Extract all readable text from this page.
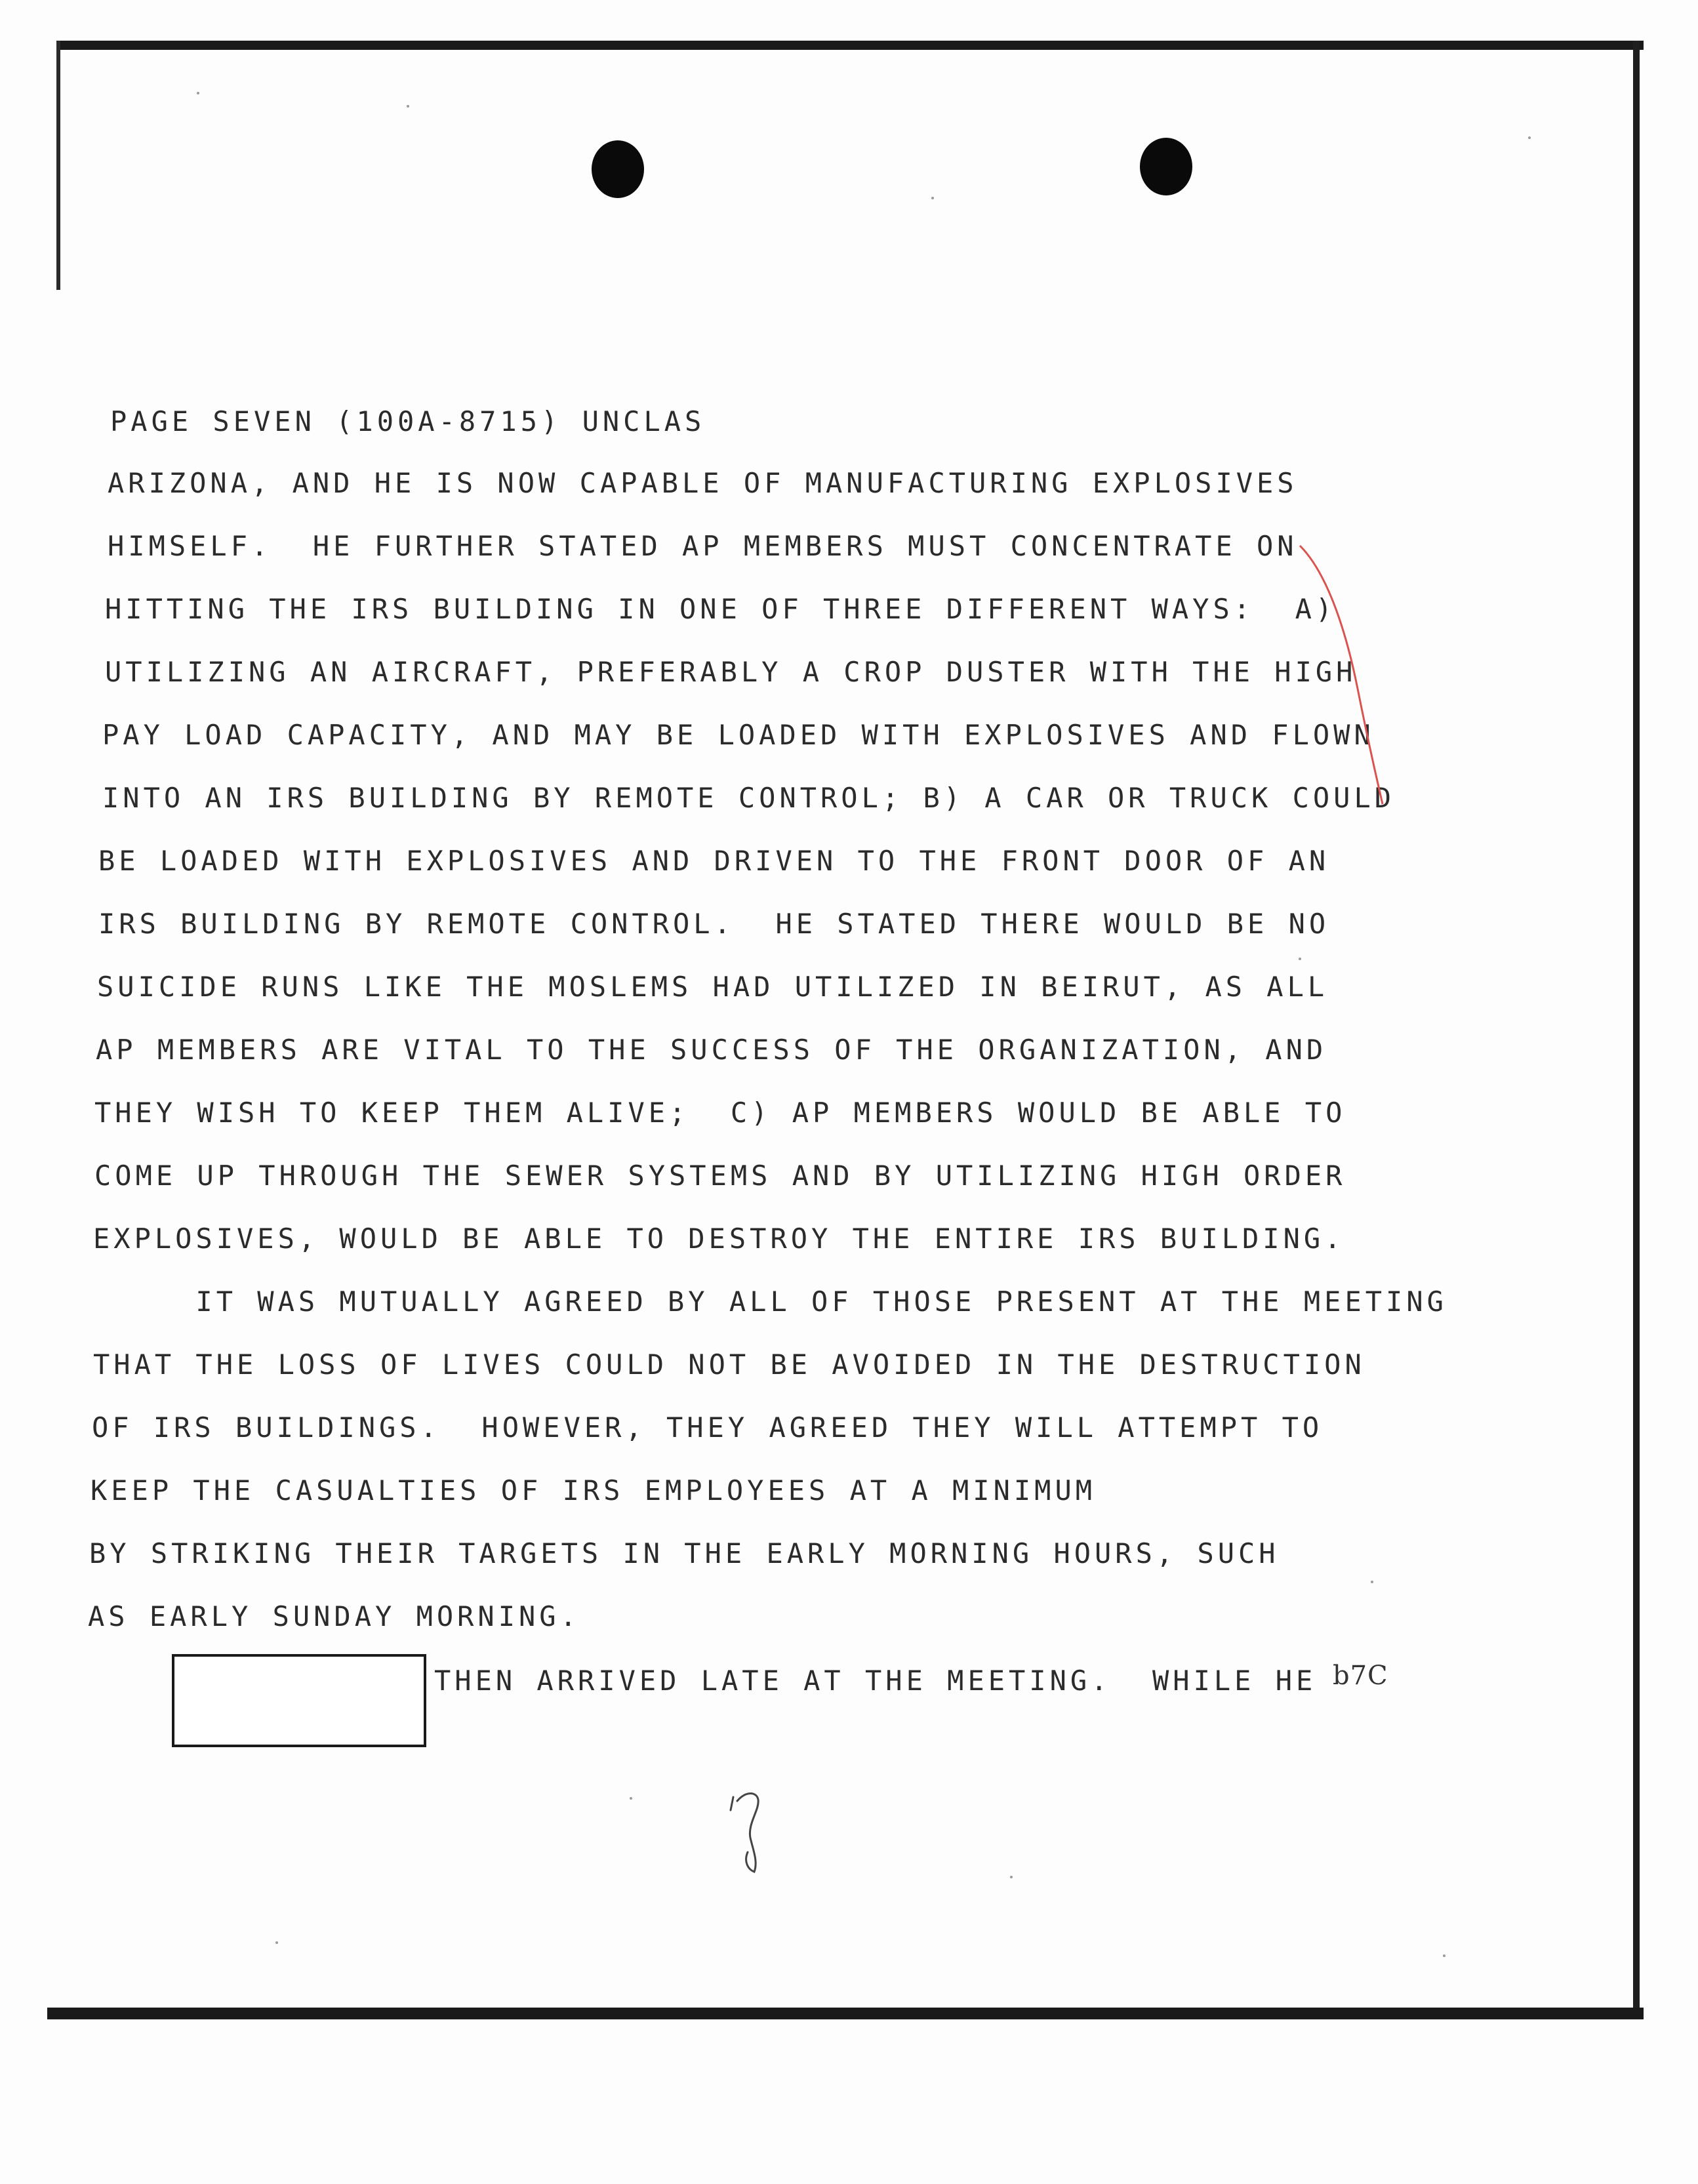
PAGE SEVEN (100A-8715) UNCLAS
ARIZONA, AND HE IS NOW CAPABLE OF MANUFACTURING EXPLOSIVES
HIMSELF.  HE FURTHER STATED AP MEMBERS MUST CONCENTRATE ON
HITTING THE IRS BUILDING IN ONE OF THREE DIFFERENT WAYS:  A)
UTILIZING AN AIRCRAFT, PREFERABLY A CROP DUSTER WITH THE HIGH
PAY LOAD CAPACITY, AND MAY BE LOADED WITH EXPLOSIVES AND FLOWN
INTO AN IRS BUILDING BY REMOTE CONTROL; B) A CAR OR TRUCK COULD
BE LOADED WITH EXPLOSIVES AND DRIVEN TO THE FRONT DOOR OF AN
IRS BUILDING BY REMOTE CONTROL.  HE STATED THERE WOULD BE NO
SUICIDE RUNS LIKE THE MOSLEMS HAD UTILIZED IN BEIRUT, AS ALL
AP MEMBERS ARE VITAL TO THE SUCCESS OF THE ORGANIZATION, AND
THEY WISH TO KEEP THEM ALIVE;  C) AP MEMBERS WOULD BE ABLE TO
COME UP THROUGH THE SEWER SYSTEMS AND BY UTILIZING HIGH ORDER
EXPLOSIVES, WOULD BE ABLE TO DESTROY THE ENTIRE IRS BUILDING.
IT WAS MUTUALLY AGREED BY ALL OF THOSE PRESENT AT THE MEETING
THAT THE LOSS OF LIVES COULD NOT BE AVOIDED IN THE DESTRUCTION
OF IRS BUILDINGS.  HOWEVER, THEY AGREED THEY WILL ATTEMPT TO
KEEP THE CASUALTIES OF IRS EMPLOYEES AT A MINIMUM
BY STRIKING THEIR TARGETS IN THE EARLY MORNING HOURS, SUCH
AS EARLY SUNDAY MORNING.
THEN ARRIVED LATE AT THE MEETING.  WHILE HE b7C
